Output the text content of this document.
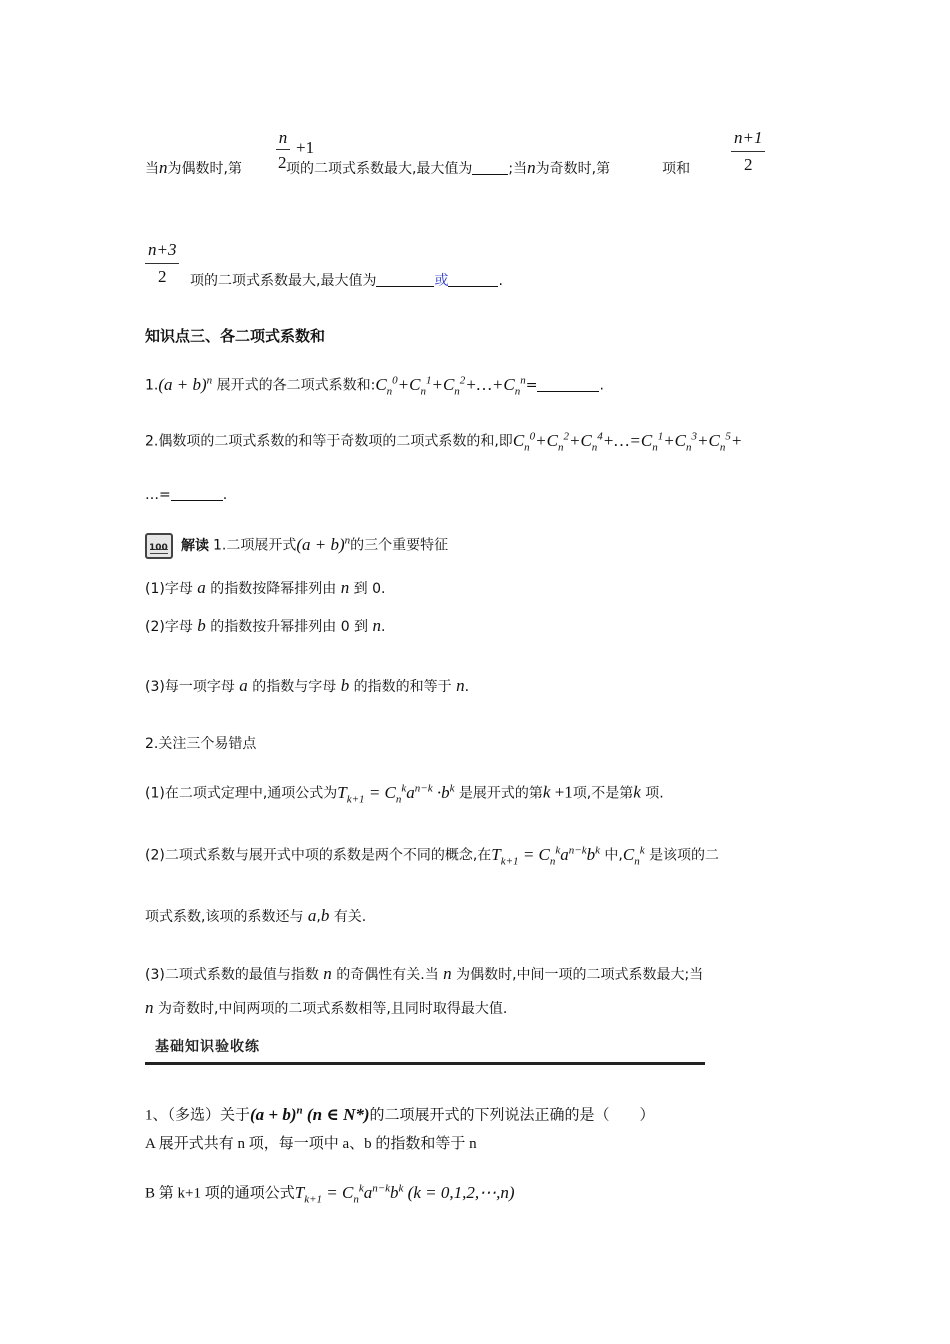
n
+1
2	$\frac{n+1}{2}$
当n为偶数时,第	项的二项式系数最大,最大值为	;当n为奇数时,第	项和
$\frac{n+3}{2}$ 项的二项式系数最大,最大值为	或	.
知识点三、各二项式系数和
$1.(a + b)^n$ 展开式的各二项式系数和$:C_n^0+C_n^1+C_n^2+\dots+C_n^n=$	.
2.偶数项的二项式系数的和等于奇数项的二项式系数的和,即$C_n^0+C_n^2+C_n^4+\dots=C_n^1+C_n^3+C_n^5+$
…=	.
100解读 1.二项展开式$(a + b)^n$的三个重要特征
(1)字母 a 的指数按降幂排列由 n 到 0.
(2)字母 b 的指数按升幂排列由 0 到 n.
(3)每一项字母 a 的指数与字母 b 的指数的和等于 n.
2.关注三个易错点
(1)在二项式定理中,通项公式为$T_{k+1} = C_n^ka^{n-k} \cdot b^k$ 是展开式的第k +1项,不是第k 项.
(2)二项式系数与展开式中项的系数是两个不同的概念,在$T_{k+1} = C_n^ka^{n-k}b^k$ 中$,C_n^k$ 是该项的二
项式系数,该项的系数还与 a,b 有关.
(3)二项式系数的最值与指数 n 的奇偶性有关.当 n 为偶数时,中间一项的二项式系数最大;当
n 为奇数时,中间两项的二项式系数相等,且同时取得最大值.
基础知识验收练
1、（多选）关于$(a + b)^n$ (n ∈ N*)的二项展开式的下列说法正确的是（　　）
A 展开式共有 n 项，每一项中 a、b 的指数和等于 n
B 第 k+1 项的通项公式$T_{k+1} = C_n^ka^{n-k}b^k$ (k = 0,1,2,⋯,n)
